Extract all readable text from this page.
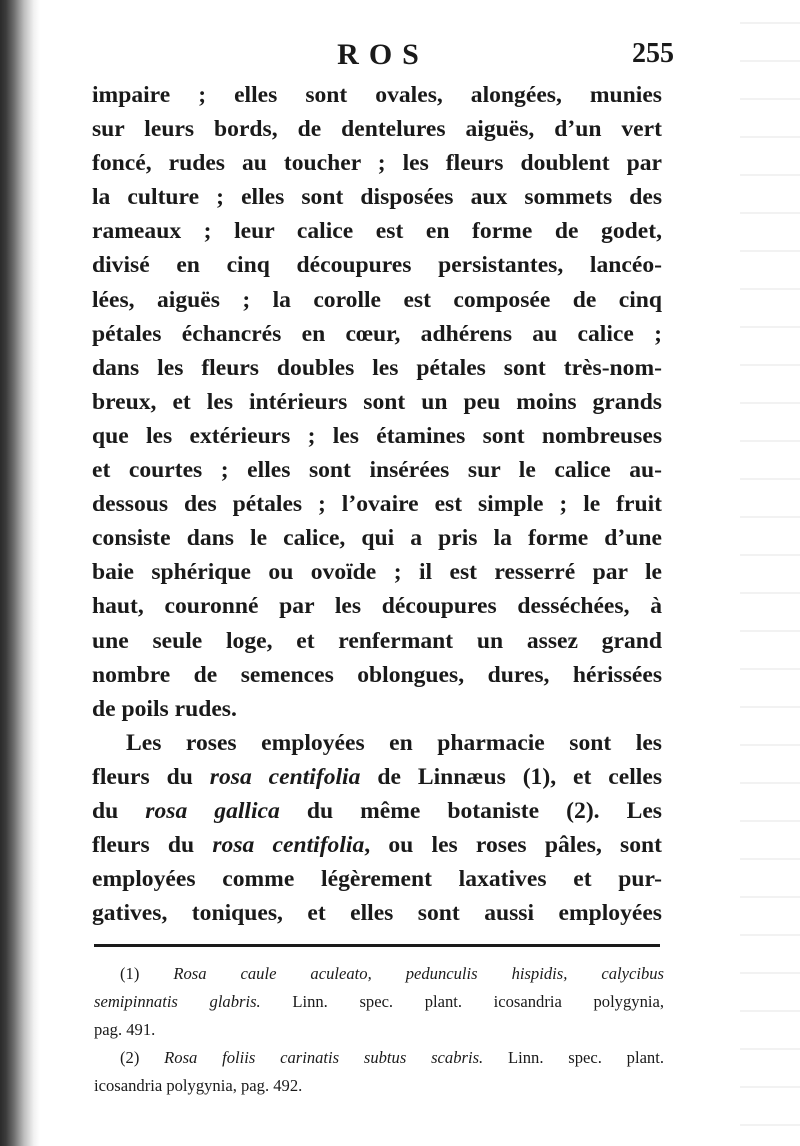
ROS	255
impaire ; elles sont ovales, alongées, munies
sur leurs bords, de dentelures aiguës, d’un vert
foncé, rudes au toucher ; les fleurs doublent par
la culture ; elles sont disposées aux sommets des
rameaux ; leur calice est en forme de godet,
divisé en cinq découpures persistantes, lancéo-
lées, aiguës ; la corolle est composée de cinq
pétales échancrés en cœur, adhérens au calice ;
dans les fleurs doubles les pétales sont très-nom-
breux, et les intérieurs sont un peu moins grands
que les extérieurs ; les étamines sont nombreuses
et courtes ; elles sont insérées sur le calice au-
dessous des pétales ; l’ovaire est simple ; le fruit
consiste dans le calice, qui a pris la forme d’une
baie sphérique ou ovoïde ; il est resserré par le
haut, couronné par les découpures desséchées, à
une seule loge, et renfermant un assez grand
nombre de semences oblongues, dures, hérissées
de poils rudes.
Les roses employées en pharmacie sont les
fleurs du rosa centifolia de Linnæus (1), et celles
du rosa gallica du même botaniste (2). Les
fleurs du rosa centifolia, ou les roses pâles, sont
employées comme légèrement laxatives et pur-
gatives, toniques, et elles sont aussi employées
(1) Rosa caule aculeato, pedunculis hispidis, calycibus
semipinnatis glabris. Linn. spec. plant. icosandria polygynia,
pag. 491.
(2) Rosa foliis carinatis subtus scabris. Linn. spec. plant.
icosandria polygynia, pag. 492.
